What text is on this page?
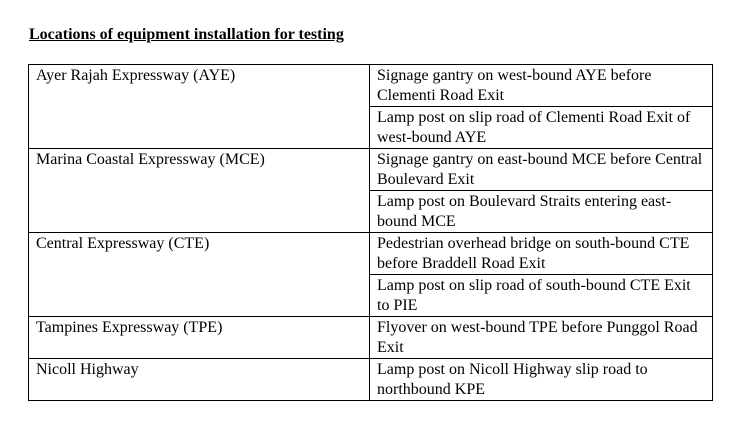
Locations of equipment installation for testing
Ayer Rajah Expressway (AYE)	Signage gantry on west-bound AYE before Clementi Road Exit
	Lamp post on slip road of Clementi Road Exit of west-bound AYE
Marina Coastal Expressway (MCE)	Signage gantry on east-bound MCE before Central Boulevard Exit
	Lamp post on Boulevard Straits entering east-bound MCE
Central Expressway (CTE)	Pedestrian overhead bridge on south-bound CTE before Braddell Road Exit
	Lamp post on slip road of south-bound CTE Exit to PIE
Tampines Expressway (TPE)	Flyover on west-bound TPE before Punggol Road Exit
Nicoll Highway	Lamp post on Nicoll Highway slip road to northbound KPE
